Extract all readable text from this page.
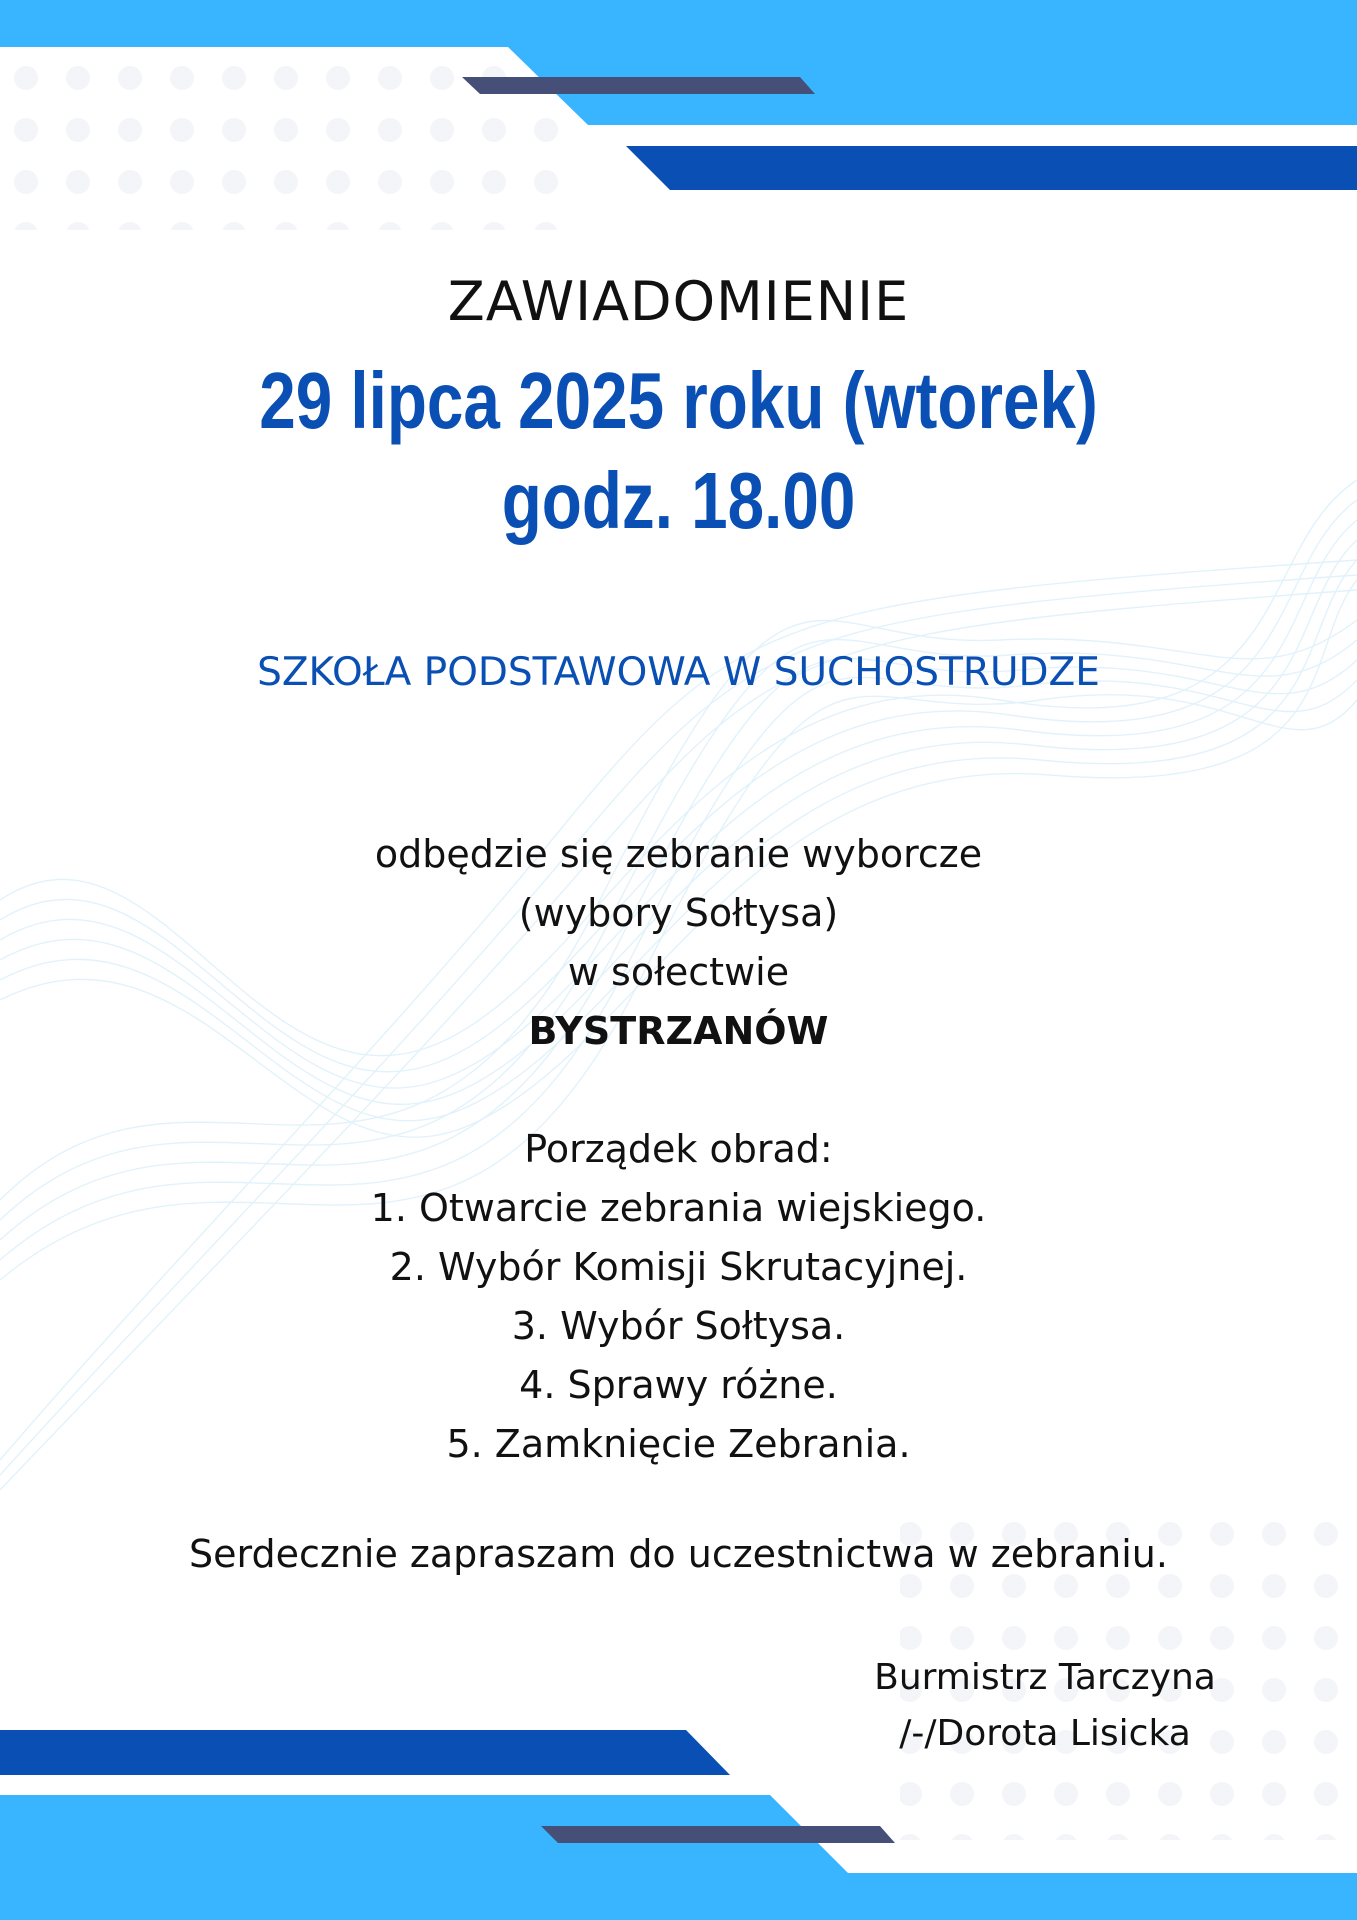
ZAWIADOMIENIE
29 lipca 2025 roku (wtorek)
godz. 18.00
SZKOŁA PODSTAWOWA W SUCHOSTRUDZE
odbędzie się zebranie wyborcze
(wybory Sołtysa)
w sołectwie
BYSTRZANÓW
Porządek obrad:
1. Otwarcie zebrania wiejskiego.
2. Wybór Komisji Skrutacyjnej.
3. Wybór Sołtysa.
4. Sprawy różne.
5. Zamknięcie Zebrania.
Serdecznie zapraszam do uczestnictwa w zebraniu.
Burmistrz Tarczyna
/-/Dorota Lisicka
